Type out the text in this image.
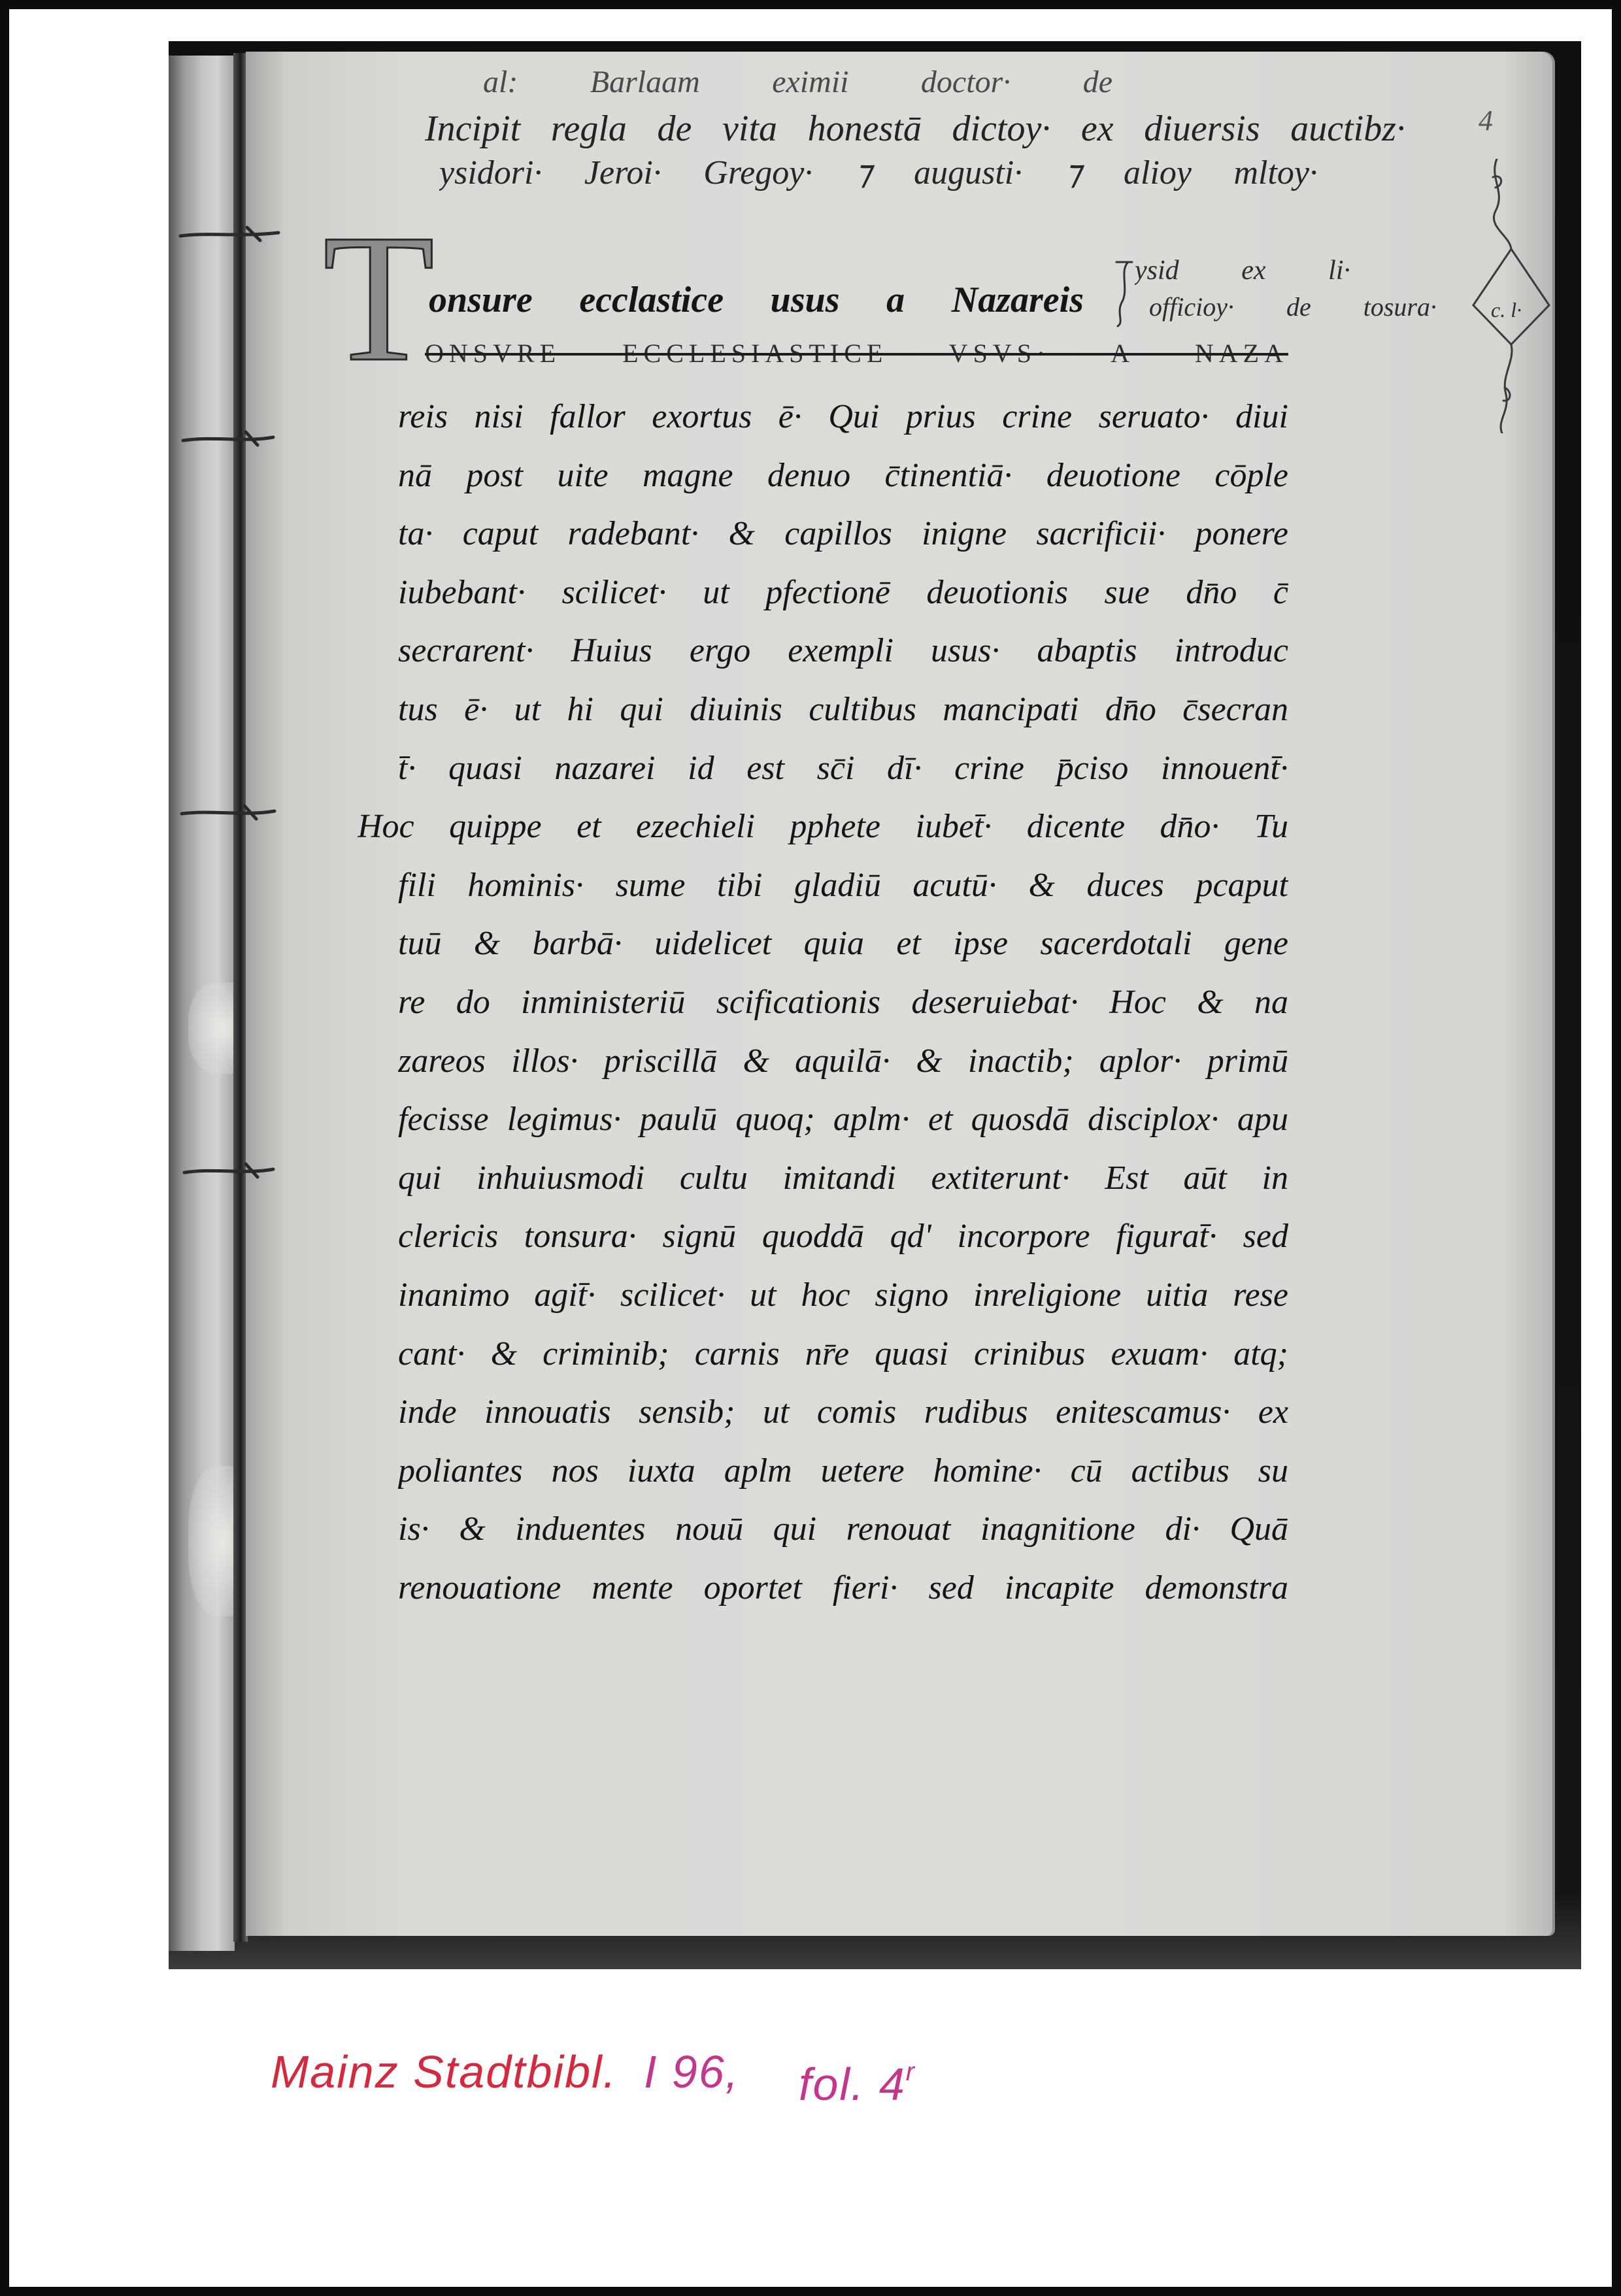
al: Barlaam eximii doctor· de
Incipit regla de vita honestā dictoy· ex diuersis auctibz·
ysidori· Jeroi· Gregoy· ⁊ augusti· ⁊ alioy mltoy·
4
T
onsure ecclastice usus a Nazareis
ysid ex li·
officioy· de tosura·	c. l·
ONSVRE ECCLESIASTICE VSVS· A NAZA
reis nisi fallor exortus ē· Qui prius crine seruato· diui
nā post uite magne denuo c̄tinentiā· deuotione cōple
ta· caput radebant· & capillos inigne sacrificii· ponere
iubebant· scilicet· ut pfectionē deuotionis sue dn̄o c̄
secrarent· Huius ergo exempli usus· abaptis introduc
tus ē· ut hi qui diuinis cultibus mancipati dn̄o c̄secran
t̄· quasi nazarei id est sc̄i dī· crine p̄ciso innouent̄·
Hoc quippe et ezechieli pphete iubet̄· dicente dn̄o· Tu
fili hominis· sume tibi gladiū acutū· & duces pcaput
tuū & barbā· uidelicet quia et ipse sacerdotali gene
re do inministeriū scificationis deseruiebat· Hoc & na
zareos illos· priscillā & aquilā· & inactib; aplor· primū
fecisse legimus· paulū quoq; aplm· et quosdā disciplox· apu
qui inhuiusmodi cultu imitandi extiterunt· Est aūt in
clericis tonsura· signū quoddā qd' incorpore figurat̄· sed
inanimo agit̄· scilicet· ut hoc signo inreligione uitia rese
cant· & criminib; carnis nr̄e quasi crinibus exuam· atq;
inde innouatis sensib; ut comis rudibus enitescamus· ex
poliantes nos iuxta aplm uetere homine· cū actibus su
is· & induentes nouū qui renouat inagnitione di· Quā
renouatione mente oportet fieri· sed incapite demonstra
Mainz Stadtbibl. I 96, fol. 4$^r$
